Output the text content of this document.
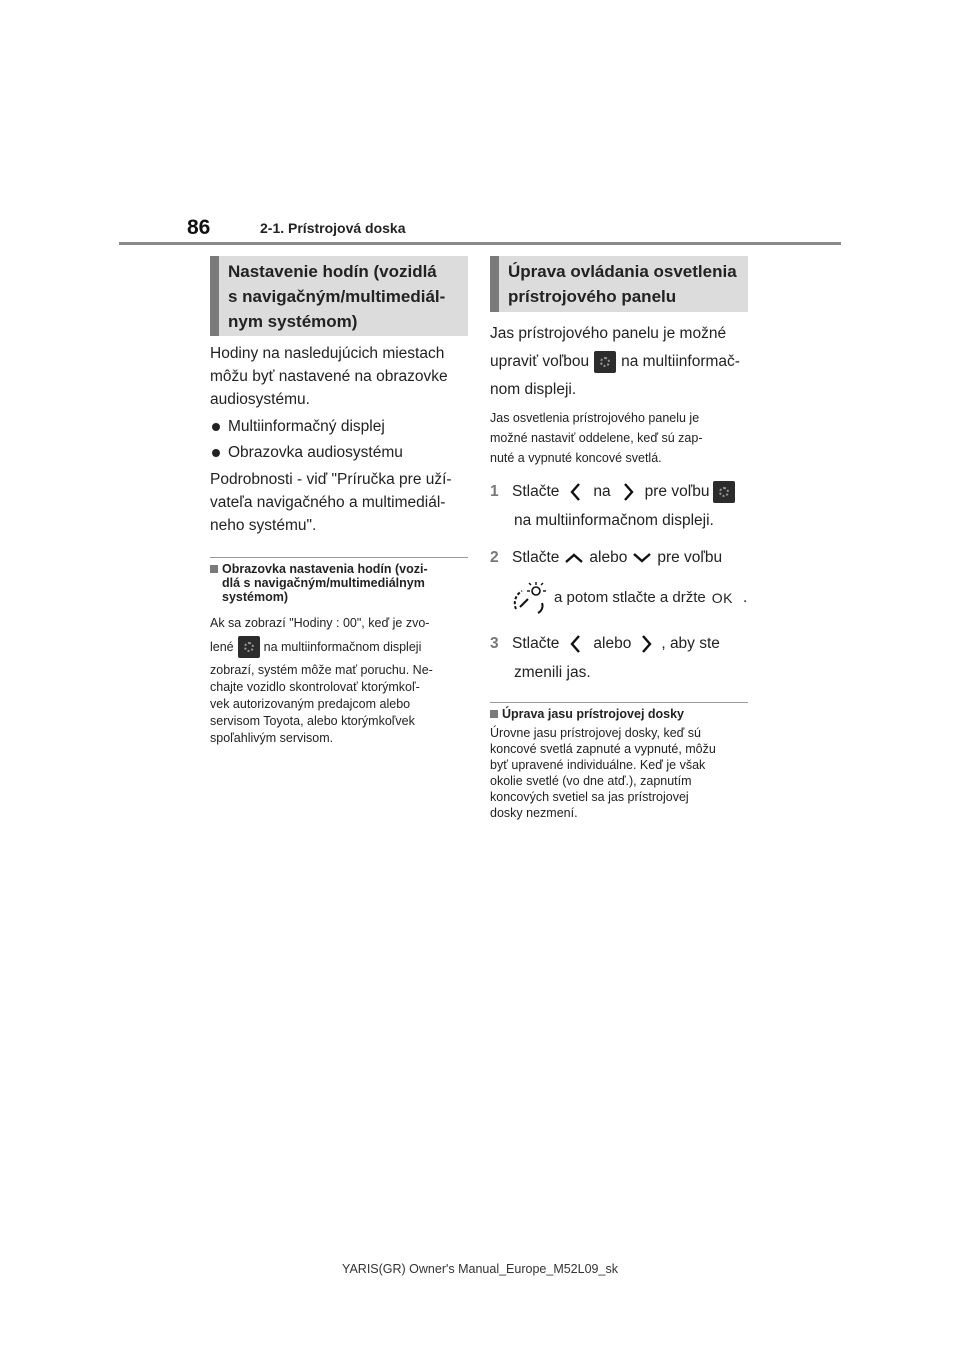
86	2-1. Prístrojová doska
Nastavenie hodín (vozidlá
s navigačným/multimediál-
nym systémom)

Hodiny na nasledujúcich miestach

môžu byť nastavené na obrazovke

audiosystému.

Multiinformačný displej
Obrazovka audiosystému

Podrobnosti - viď "Príručka pre uží-

vateľa navigačného a multimediál-

neho systému".

Obrazovka nastavenia hodín (vozi-
dlá s navigačným/multimediálnym
systémom)
Ak sa zobrazí "Hodiny : 00", keď je zvo-
lené na multiinformačnom displeji
zobrazí, systém môže mať poruchu. Ne-
chajte vozidlo skontrolovať ktorýmkoľ-
vek autorizovaným predajcom alebo
servisom Toyota, alebo ktorýmkoľvek
spoľahlivým servisom.
Úprava ovládania osvetlenia
prístrojového panelu

Jas prístrojového panelu je možné

upraviť voľbou na multiinformač-

nom displeji.

Jas osvetlenia prístrojového panelu je
možné nastaviť oddelene, keď sú zap-
nuté a vypnuté koncové svetlá.
1 Stlačte na pre voľbu
na multiinformačnom displeji.
2 Stlačte alebo pre voľbu
a potom stlačte a držte OK .
3 Stlačte alebo , aby ste
zmenili jas.
Úprava jasu prístrojovej dosky
Úrovne jasu prístrojovej dosky, keď sú
koncové svetlá zapnuté a vypnuté, môžu
byť upravené individuálne. Keď je však
okolie svetlé (vo dne atď.), zapnutím
koncových svetiel sa jas prístrojovej
dosky nezmení.
YARIS(GR) Owner's Manual_Europe_M52L09_sk
